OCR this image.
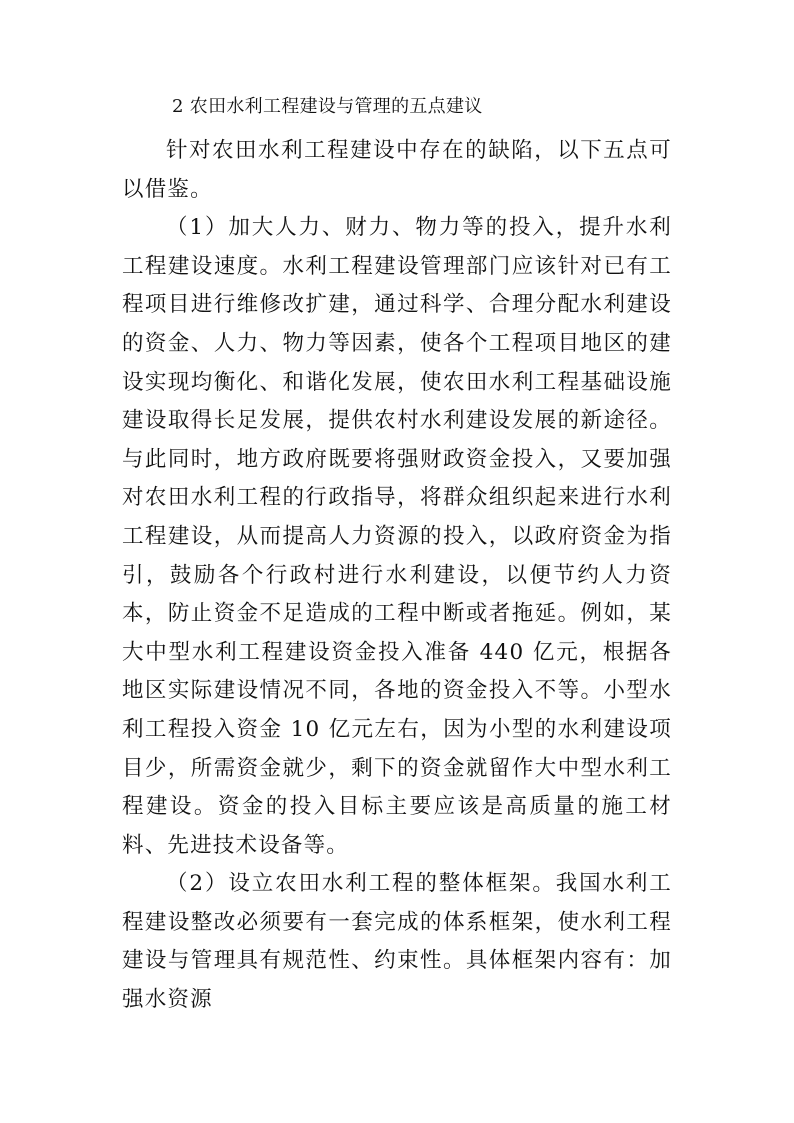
2 农田水利工程建设与管理的五点建议

针对农田水利工程建设中存在的缺陷，以下五点可以借鉴。

（1）加大人力、财力、物力等的投入，提升水利工程建设速度。水利工程建设管理部门应该针对已有工程项目进行维修改扩建，通过科学、合理分配水利建设的资金、人力、物力等因素，使各个工程项目地区的建设实现均衡化、和谐化发展，使农田水利工程基础设施建设取得长足发展，提供农村水利建设发展的新途径。与此同时，地方政府既要将强财政资金投入，又要加强对农田水利工程的行政指导，将群众组织起来进行水利工程建设，从而提高人力资源的投入，以政府资金为指引，鼓励各个行政村进行水利建设，以便节约人力资本，防止资金不足造成的工程中断或者拖延。例如，某大中型水利工程建设资金投入准备 440 亿元，根据各地区实际建设情况不同，各地的资金投入不等。小型水利工程投入资金 10 亿元左右，因为小型的水利建设项目少，所需资金就少，剩下的资金就留作大中型水利工程建设。资金的投入目标主要应该是高质量的施工材料、先进技术设备等。

（2）设立农田水利工程的整体框架。我国水利工程建设整改必须要有一套完成的体系框架，使水利工程建设与管理具有规范性、约束性。具体框架内容有：加强水资源
